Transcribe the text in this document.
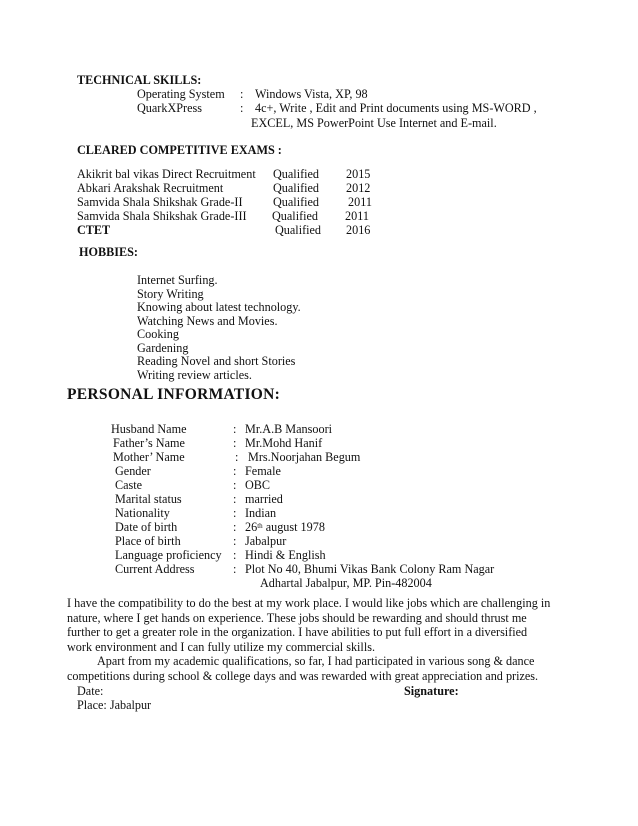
TECHNICAL SKILLS:
Operating System : Windows Vista, XP, 98
QuarkXPress	: 4c+, Write , Edit and Print documents using MS-WORD ,
EXCEL, MS PowerPoint Use Internet and E-mail.
CLEARED COMPETITIVE EXAMS :
Akikrit bal vikas Direct Recruitment Qualified 2015
Abkari Arakshak Recruitment	Qualified 2012
Samvida Shala Shikshak Grade-II Qualified 2011
Samvida Shala Shikshak Grade-III Qualified 2011
CTET	Qualified 2016
HOBBIES:
Internet Surfing.
Story Writing
Knowing about latest technology.
Watching News and Movies.
Cooking
Gardening
Reading Novel and short Stories
Writing review articles.
PERSONAL INFORMATION:
Husband Name	: Mr.A.B Mansoori
Father’s Name	: Mr.Mohd Hanif
Mother’ Name	: Mrs.Noorjahan Begum
Gender	: Female
Caste	: OBC
Marital status	: married
Nationality	: Indian
Date of birth	: 26th august 1978
Place of birth	: Jabalpur
Language proficiency : Hindi & English
Current Address	: Plot No 40, Bhumi Vikas Bank Colony Ram Nagar
Adhartal Jabalpur, MP. Pin-482004
I have the compatibility to do the best at my work place. I would like jobs which are challenging in
nature, where I get hands on experience. These jobs should be rewarding and should thrust me
further to get a greater role in the organization. I have abilities to put full effort in a diversified
work environment and I can fully utilize my commercial skills.
Apart from my academic qualifications, so far, I had participated in various song & dance
competitions during school & college days and was rewarded with great appreciation and prizes.
Date:	Signature:
Place: Jabalpur
